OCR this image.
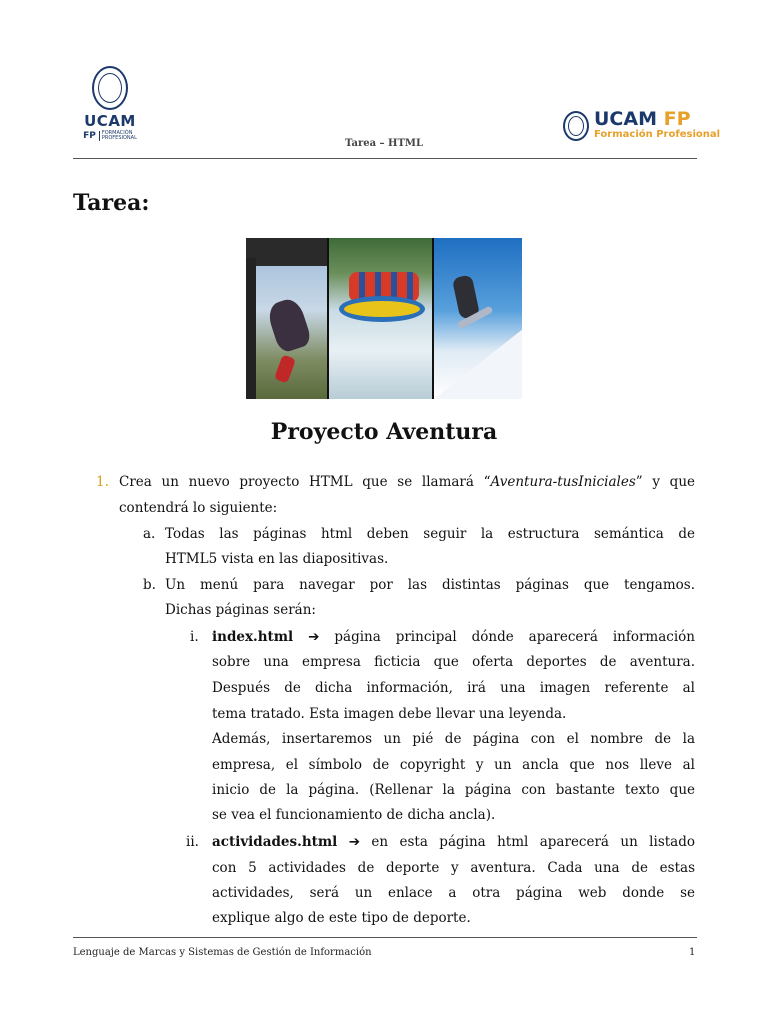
UCAM
FP	FORMACIÓN
PROFESIONAL
UCAM FP
Formación Profesional
Tarea – HTML
Tarea:
Proyecto Aventura
1. Crea un nuevo proyecto HTML que se llamará “Aventura-tusIniciales” y que
contendrá lo siguiente:
a. Todas las páginas html deben seguir la estructura semántica de
HTML5 vista en las diapositivas.
b. Un menú para navegar por las distintas páginas que tengamos.
Dichas páginas serán:
i. index.html ➔ página principal dónde aparecerá información
sobre una empresa ficticia que oferta deportes de aventura.
Después de dicha información, irá una imagen referente al
tema tratado. Esta imagen debe llevar una leyenda.
Además, insertaremos un pié de página con el nombre de la
empresa, el símbolo de copyright y un ancla que nos lleve al
inicio de la página. (Rellenar la página con bastante texto que
se vea el funcionamiento de dicha ancla).
ii. actividades.html ➔ en esta página html aparecerá un listado
con 5 actividades de deporte y aventura. Cada una de estas
actividades, será un enlace a otra página web donde se
explique algo de este tipo de deporte.
Lenguaje de Marcas y Sistemas de Gestión de Información	1
